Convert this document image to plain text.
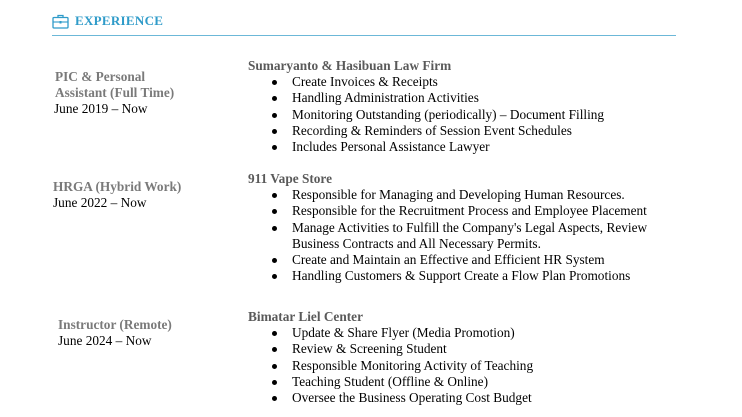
EXPERIENCE
PIC & Personal Assistant (Full Time)
June 2019 – Now
Sumaryanto & Hasibuan Law Firm
Create Invoices & Receipts
Handling Administration Activities
Monitoring Outstanding (periodically) – Document Filling
Recording & Reminders of Session Event Schedules
Includes Personal Assistance Lawyer
HRGA (Hybrid Work)
June 2022 – Now
911 Vape Store
Responsible for Managing and Developing Human Resources.
Responsible for the Recruitment Process and Employee Placement
Manage Activities to Fulfill the Company's Legal Aspects, Review Business Contracts and All Necessary Permits.
Create and Maintain an Effective and Efficient HR System
Handling Customers & Support Create a Flow Plan Promotions
Instructor (Remote)
June 2024 – Now
Bimatar Liel Center
Update & Share Flyer (Media Promotion)
Review & Screening Student
Responsible Monitoring Activity of Teaching
Teaching Student (Offline & Online)
Oversee the Business Operating Cost Budget
